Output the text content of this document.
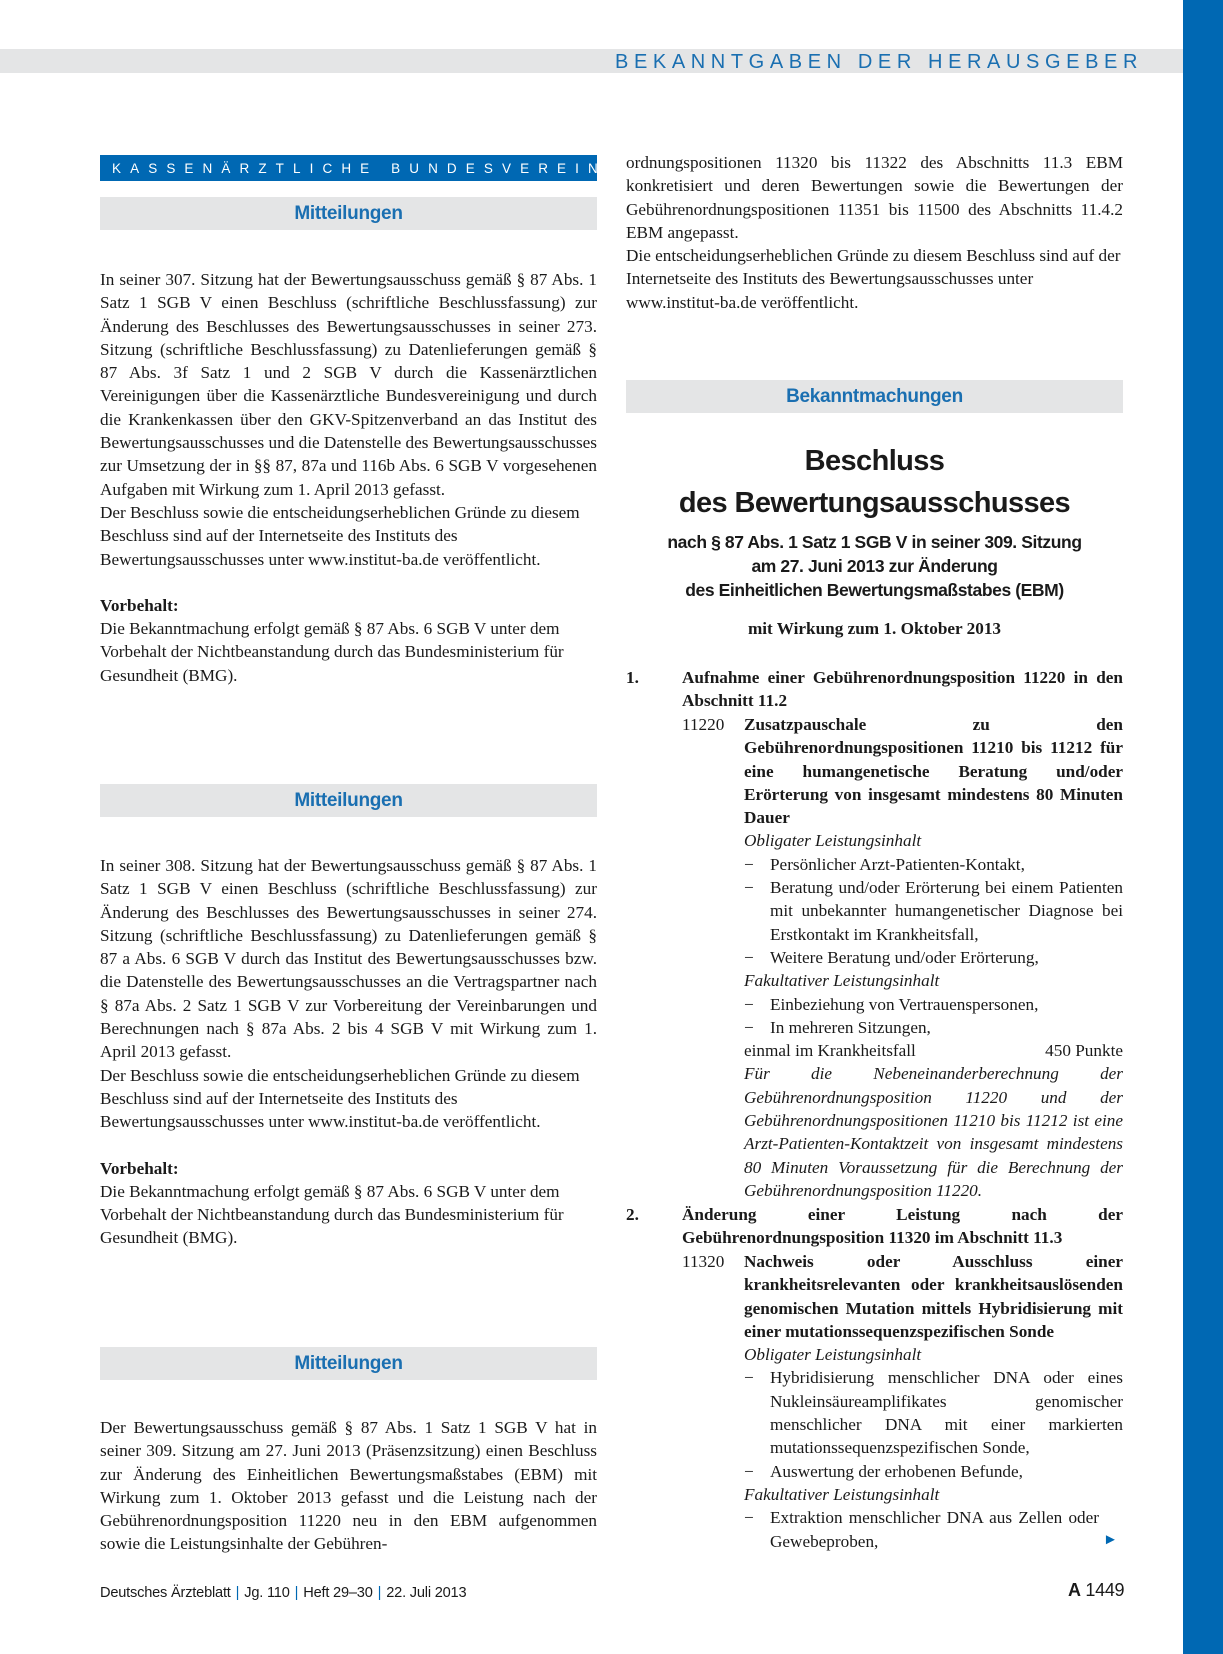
BEKANNTGABEN DER HERAUSGEBER
KASSENÄRZTLICHE BUNDESVEREINIGUNG
Mitteilungen

In seiner 307. Sitzung hat der Bewertungsausschuss gemäß § 87 Abs. 1 Satz 1 SGB V einen Beschluss (schriftliche Beschlussfassung) zur Änderung des Beschlusses des Bewertungsausschusses in seiner 273. Sitzung (schriftliche Beschlussfassung) zu Datenlieferungen gemäß § 87 Abs. 3f Satz 1 und 2 SGB V durch die Kassenärztlichen Vereinigungen über die Kassenärztliche Bundesvereinigung und durch die Krankenkassen über den GKV-Spitzenverband an das Institut des Bewertungsausschusses und die Datenstelle des Bewertungsausschusses zur Umsetzung der in §§ 87, 87a und 116b Abs. 6 SGB V vorgesehenen Aufgaben mit Wirkung zum 1. April 2013 gefasst.

Der Beschluss sowie die entscheidungserheblichen Gründe zu diesem Beschluss sind auf der Internetseite des Instituts des Bewertungsausschusses unter www.institut-ba.de veröffentlicht.

Vorbehalt:

Die Bekanntmachung erfolgt gemäß § 87 Abs. 6 SGB V unter dem Vorbehalt der Nichtbeanstandung durch das Bundesministerium für Gesundheit (BMG).

Mitteilungen

In seiner 308. Sitzung hat der Bewertungsausschuss gemäß § 87 Abs. 1 Satz 1 SGB V einen Beschluss (schriftliche Beschlussfassung) zur Änderung des Beschlusses des Bewertungsausschusses in seiner 274. Sitzung (schriftliche Beschlussfassung) zu Datenlieferungen gemäß § 87 a Abs. 6 SGB V durch das Institut des Bewertungsausschusses bzw. die Datenstelle des Bewertungsausschusses an die Vertragspartner nach § 87a Abs. 2 Satz 1 SGB V zur Vorbereitung der Vereinbarungen und Berechnungen nach § 87a Abs. 2 bis 4 SGB V mit Wirkung zum 1. April 2013 gefasst.

Der Beschluss sowie die entscheidungserheblichen Gründe zu diesem Beschluss sind auf der Internetseite des Instituts des Bewertungsausschusses unter www.institut-ba.de veröffentlicht.

Vorbehalt:

Die Bekanntmachung erfolgt gemäß § 87 Abs. 6 SGB V unter dem Vorbehalt der Nichtbeanstandung durch das Bundesministerium für Gesundheit (BMG).

Mitteilungen

Der Bewertungsausschuss gemäß § 87 Abs. 1 Satz 1 SGB V hat in seiner 309. Sitzung am 27. Juni 2013 (Präsenzsitzung) einen Beschluss zur Änderung des Einheitlichen Bewertungsmaßstabes (EBM) mit Wirkung zum 1. Oktober 2013 gefasst und die Leistung nach der Gebührenordnungsposition 11220 neu in den EBM aufgenommen sowie die Leistungsinhalte der Gebühren-

ordnungspositionen 11320 bis 11322 des Abschnitts 11.3 EBM konkretisiert und deren Bewertungen sowie die Bewertungen der Gebührenordnungspositionen 11351 bis 11500 des Abschnitts 11.4.2 EBM angepasst.

Die entscheidungserheblichen Gründe zu diesem Beschluss sind auf der Internetseite des Instituts des Bewertungsausschusses unter www.institut-ba.de veröffentlicht.

Bekanntmachungen
Beschluss
des Bewertungsausschusses
nach § 87 Abs. 1 Satz 1 SGB V in seiner 309. Sitzung
am 27. Juni 2013 zur Änderung
des Einheitlichen Bewertungsmaßstabes (EBM)
mit Wirkung zum 1. Oktober 2013
1.	Aufnahme einer Gebührenordnungsposition 11220 in den Abschnitt 11.2

11220 Zusatzpauschale zu den Gebührenordnungspositionen 11210 bis 11212 für eine humangenetische Beratung und/oder Erörterung von insgesamt mindestens 80 Minuten Dauer

Obligater Leistungsinhalt

− Persönlicher Arzt-Patienten-Kontakt,
− Beratung und/oder Erörterung bei einem Patienten mit unbekannter humangenetischer Diagnose bei Erstkontakt im Krankheitsfall,
− Weitere Beratung und/oder Erörterung,

Fakultativer Leistungsinhalt

− Einbeziehung von Vertrauenspersonen,
− In mehreren Sitzungen,
einmal im Krankheitsfall	450 Punkte

Für die Nebeneinanderberechnung der Gebührenordnungsposition 11220 und der Gebührenordnungspositionen 11210 bis 11212 ist eine Arzt-Patienten-Kontaktzeit von insgesamt mindestens 80 Minuten Voraussetzung für die Berechnung der Gebührenordnungsposition 11220.

2.	Änderung einer Leistung nach der Gebührenordnungsposition 11320 im Abschnitt 11.3

11320 Nachweis oder Ausschluss einer krankheitsrelevanten oder krankheitsauslösenden genomischen Mutation mittels Hybridisierung mit einer mutationssequenzspezifischen Sonde

Obligater Leistungsinhalt

− Hybridisierung menschlicher DNA oder eines Nukleinsäureamplifikates genomischer menschlicher DNA mit einer markierten mutationssequenzspezifischen Sonde,
− Auswertung der erhobenen Befunde,

Fakultativer Leistungsinhalt

− Extraktion menschlicher DNA aus Zellen oder Gewebeproben,	►
Deutsches Ärzteblatt | Jg. 110 | Heft 29–30 | 22. Juli 2013	A 1449
